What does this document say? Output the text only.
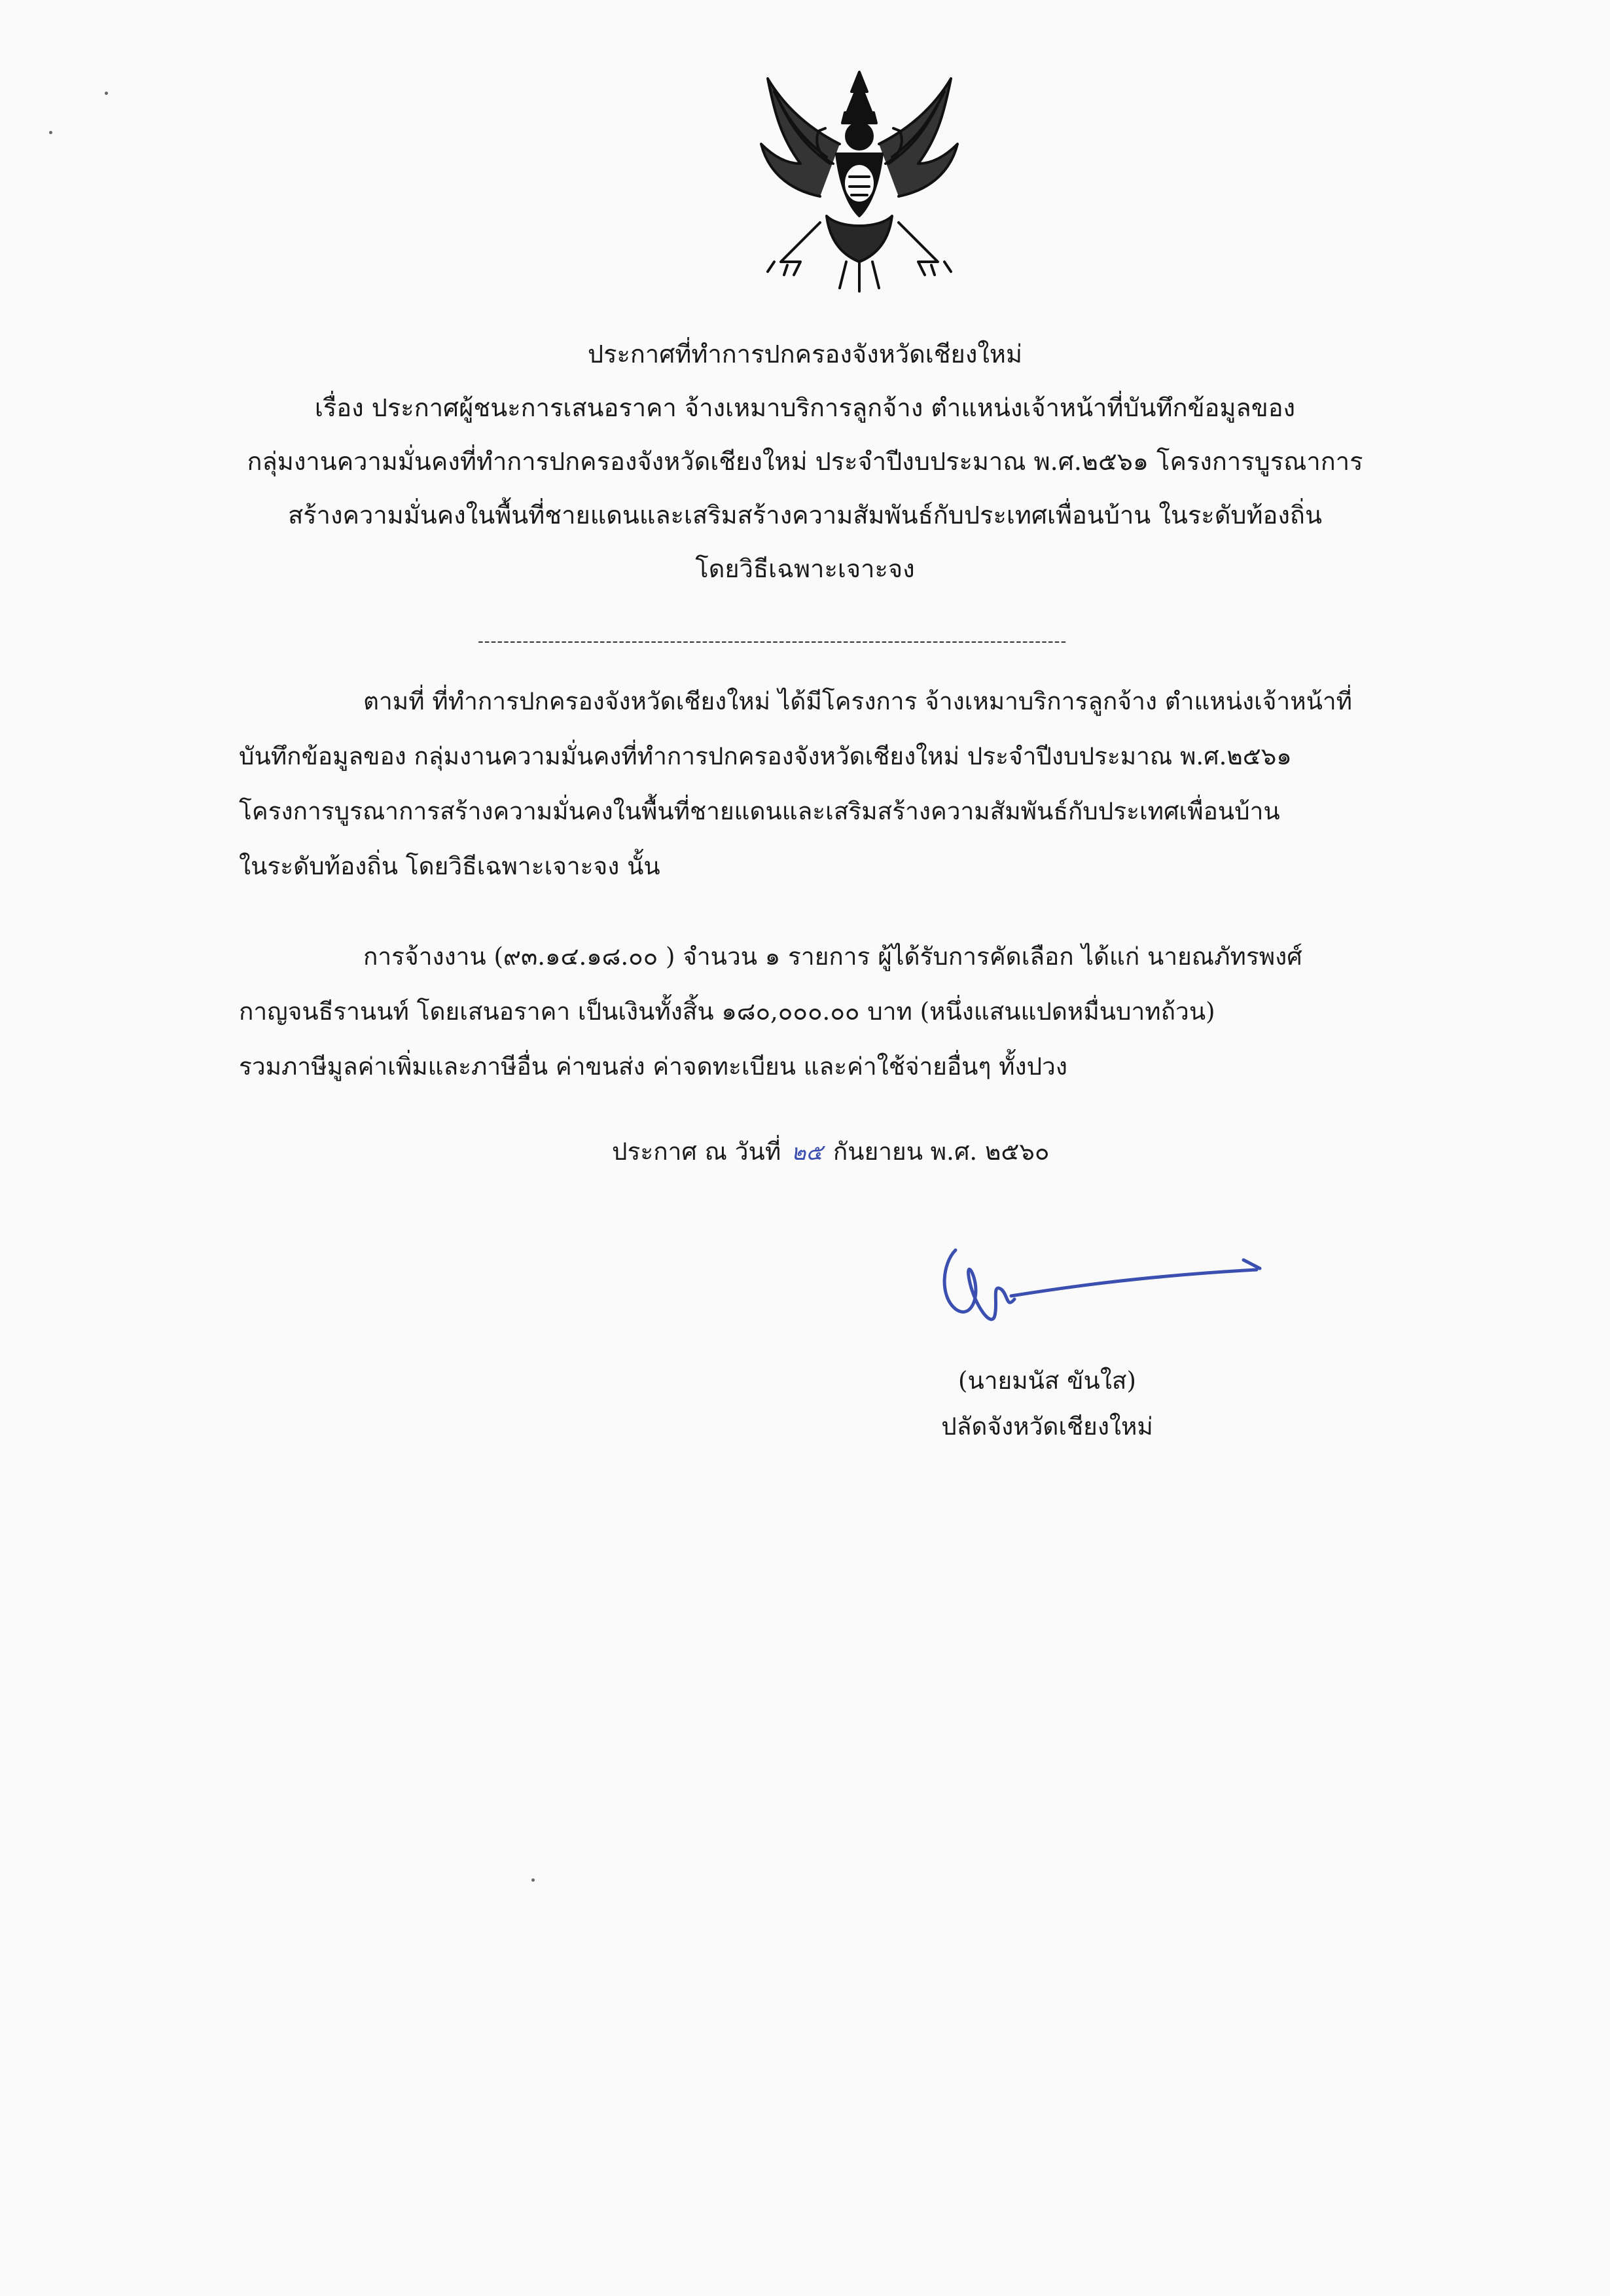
ประกาศที่ทำการปกครองจังหวัดเชียงใหม่
เรื่อง ประกาศผู้ชนะการเสนอราคา จ้างเหมาบริการลูกจ้าง ตำแหน่งเจ้าหน้าที่บันทึกข้อมูลของ
กลุ่มงานความมั่นคงที่ทำการปกครองจังหวัดเชียงใหม่ ประจำปีงบประมาณ พ.ศ.๒๕๖๑ โครงการบูรณาการ
สร้างความมั่นคงในพื้นที่ชายแดนและเสริมสร้างความสัมพันธ์กับประเทศเพื่อนบ้าน ในระดับท้องถิ่น
โดยวิธีเฉพาะเจาะจง
--------------------------------------------------------------------------------------------
ตามที่ ที่ทำการปกครองจังหวัดเชียงใหม่ ได้มีโครงการ จ้างเหมาบริการลูกจ้าง ตำแหน่งเจ้าหน้าที่
บันทึกข้อมูลของ กลุ่มงานความมั่นคงที่ทำการปกครองจังหวัดเชียงใหม่ ประจำปีงบประมาณ พ.ศ.๒๕๖๑
โครงการบูรณาการสร้างความมั่นคงในพื้นที่ชายแดนและเสริมสร้างความสัมพันธ์กับประเทศเพื่อนบ้าน
ในระดับท้องถิ่น โดยวิธีเฉพาะเจาะจง นั้น
การจ้างงาน (๙๓.๑๔.๑๘.๐๐ ) จำนวน ๑ รายการ ผู้ได้รับการคัดเลือก ได้แก่ นายณภัทรพงศ์
กาญจนธีรานนท์ โดยเสนอราคา เป็นเงินทั้งสิ้น ๑๘๐,๐๐๐.๐๐ บาท (หนึ่งแสนแปดหมื่นบาทถ้วน)
รวมภาษีมูลค่าเพิ่มและภาษีอื่น ค่าขนส่ง ค่าจดทะเบียน และค่าใช้จ่ายอื่นๆ ทั้งปวง
ประกาศ ณ วันที่ ๒๕ กันยายน พ.ศ. ๒๕๖๐
(นายมนัส ขันใส)
ปลัดจังหวัดเชียงใหม่
